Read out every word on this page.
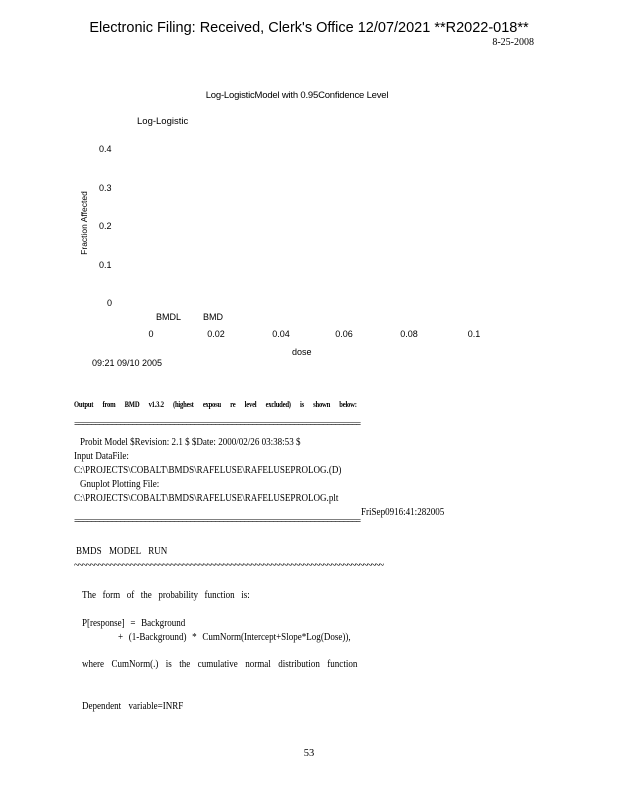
Electronic Filing: Received, Clerk's Office 12/07/2021 **R2022-018**
8-25-2008
Log-LogisticModel with 0.95Confidence Level
Log-Logistic
Fraction Affected
0.4
0.3
0.2
0.1
0
BMDL BMD
0	0.02	0.04	0.06	0.08	0.1
dose
09:21 09/10 2005
Output from BMD v1.3.2 (highest exposu re level excluded) is shown below:
=====================================================================
Probit Model $Revision: 2.1 $ $Date: 2000/02/26 03:38:53 $
Input DataFile:
C:\PROJECTS\COBALT\BMDS\RAFELUSE\RAFELUSEPROLOG.(D)
Gnuplot Plotting File:
C:\PROJECTS\COBALT\BMDS\RAFELUSE\RAFELUSEPROLOG.plt
FriSep0916:41:282005
=====================================================================
BMDS MODEL RUN
~~~~~~~~~~~~~~~~~~~~~~~~~~~~~~~~~~~~~~~~~~~~~~~~~~~~~~~~~~~~~~~~~~~~~~~~~~~~~
The form of the probability function is:
P[response] = Background
+ (1-Background) * CumNorm(Intercept+Slope*Log(Dose)),
where CumNorm(.) is the cumulative normal distribution function
Dependent variable=INRF
53
